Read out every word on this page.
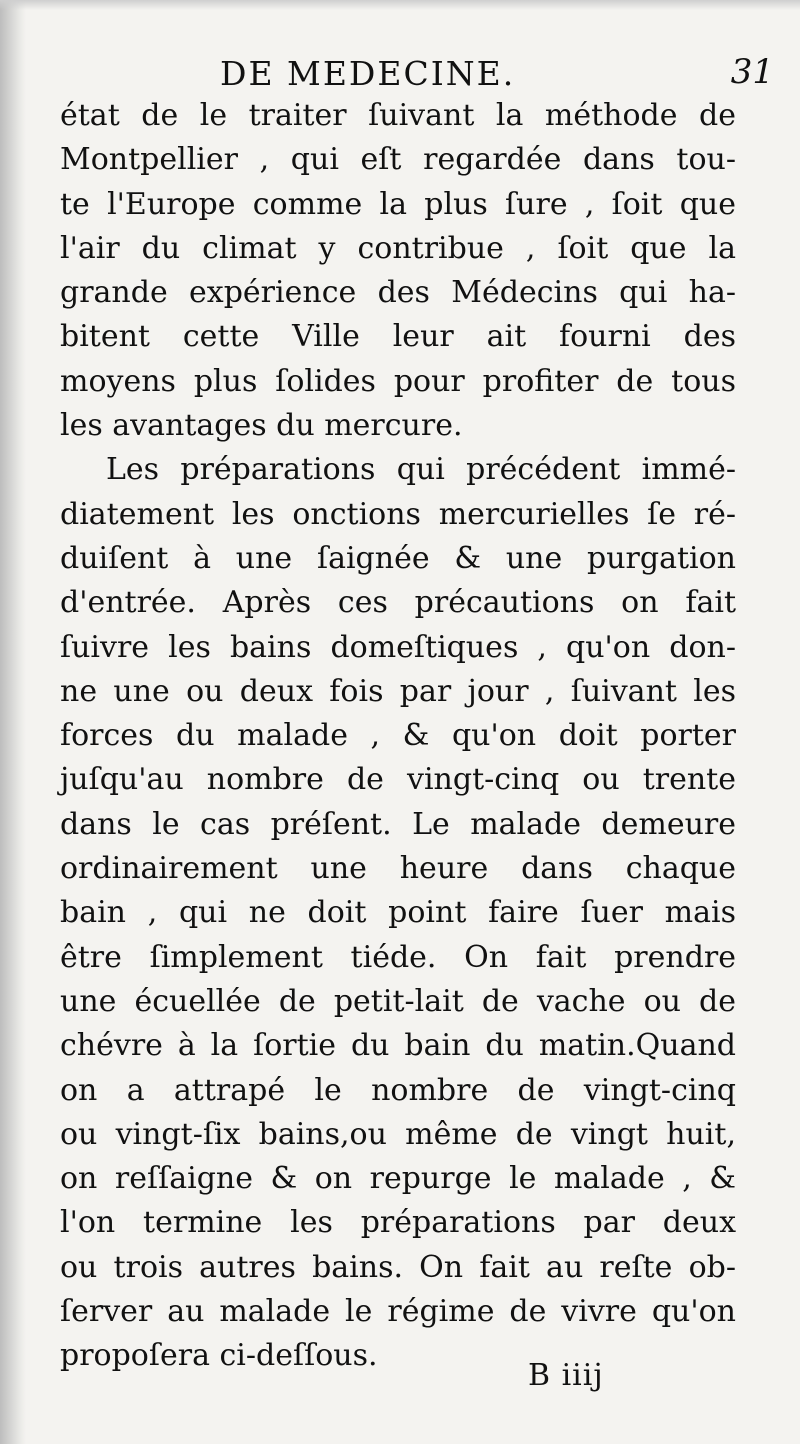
DE MEDECINE.	31
état de le traiter ſuivant la méthode de
Montpellier , qui eſt regardée dans tou-
te l'Europe comme la plus ſure , ſoit que
l'air du climat y contribue , ſoit que la
grande expérience des Médecins qui ha-
bitent cette Ville leur ait fourni des
moyens plus ſolides pour profiter de tous
les avantages du mercure.
Les préparations qui précédent immé-
diatement les onctions mercurielles ſe ré-
duiſent à une ſaignée & une purgation
d'entrée. Après ces précautions on fait
ſuivre les bains domeſtiques , qu'on don-
ne une ou deux fois par jour , ſuivant les
forces du malade , & qu'on doit porter
juſqu'au nombre de vingt-cinq ou trente
dans le cas préſent. Le malade demeure
ordinairement une heure dans chaque
bain , qui ne doit point faire ſuer mais
être ſimplement tiéde. On fait prendre
une écuellée de petit-lait de vache ou de
chévre à la ſortie du bain du matin.Quand
on a attrapé le nombre de vingt-cinq
ou vingt-ſix bains,ou même de vingt huit,
on reſſaigne & on repurge le malade , &
l'on termine les préparations par deux
ou trois autres bains. On fait au reſte ob-
ſerver au malade le régime de vivre qu'on
propoſera ci-deſſous.
B iiij
